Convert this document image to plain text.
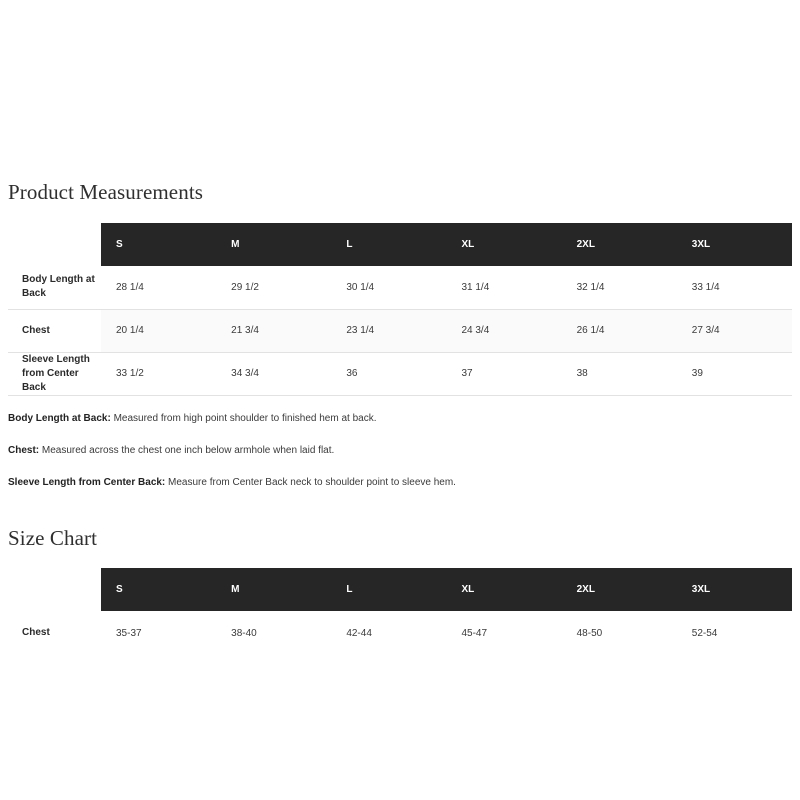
Product Measurements
	S	M	L	XL	2XL	3XL
Body Length at Back	28 1/4	29 1/2	30 1/4	31 1/4	32 1/4	33 1/4
Chest	20 1/4	21 3/4	23 1/4	24 3/4	26 1/4	27 3/4
Sleeve Length from Center Back	33 1/2	34 3/4	36	37	38	39

Body Length at Back: Measured from high point shoulder to finished hem at back.

Chest: Measured across the chest one inch below armhole when laid flat.

Sleeve Length from Center Back: Measure from Center Back neck to shoulder point to sleeve hem.

Size Chart
	S	M	L	XL	2XL	3XL
Chest	35-37	38-40	42-44	45-47	48-50	52-54
